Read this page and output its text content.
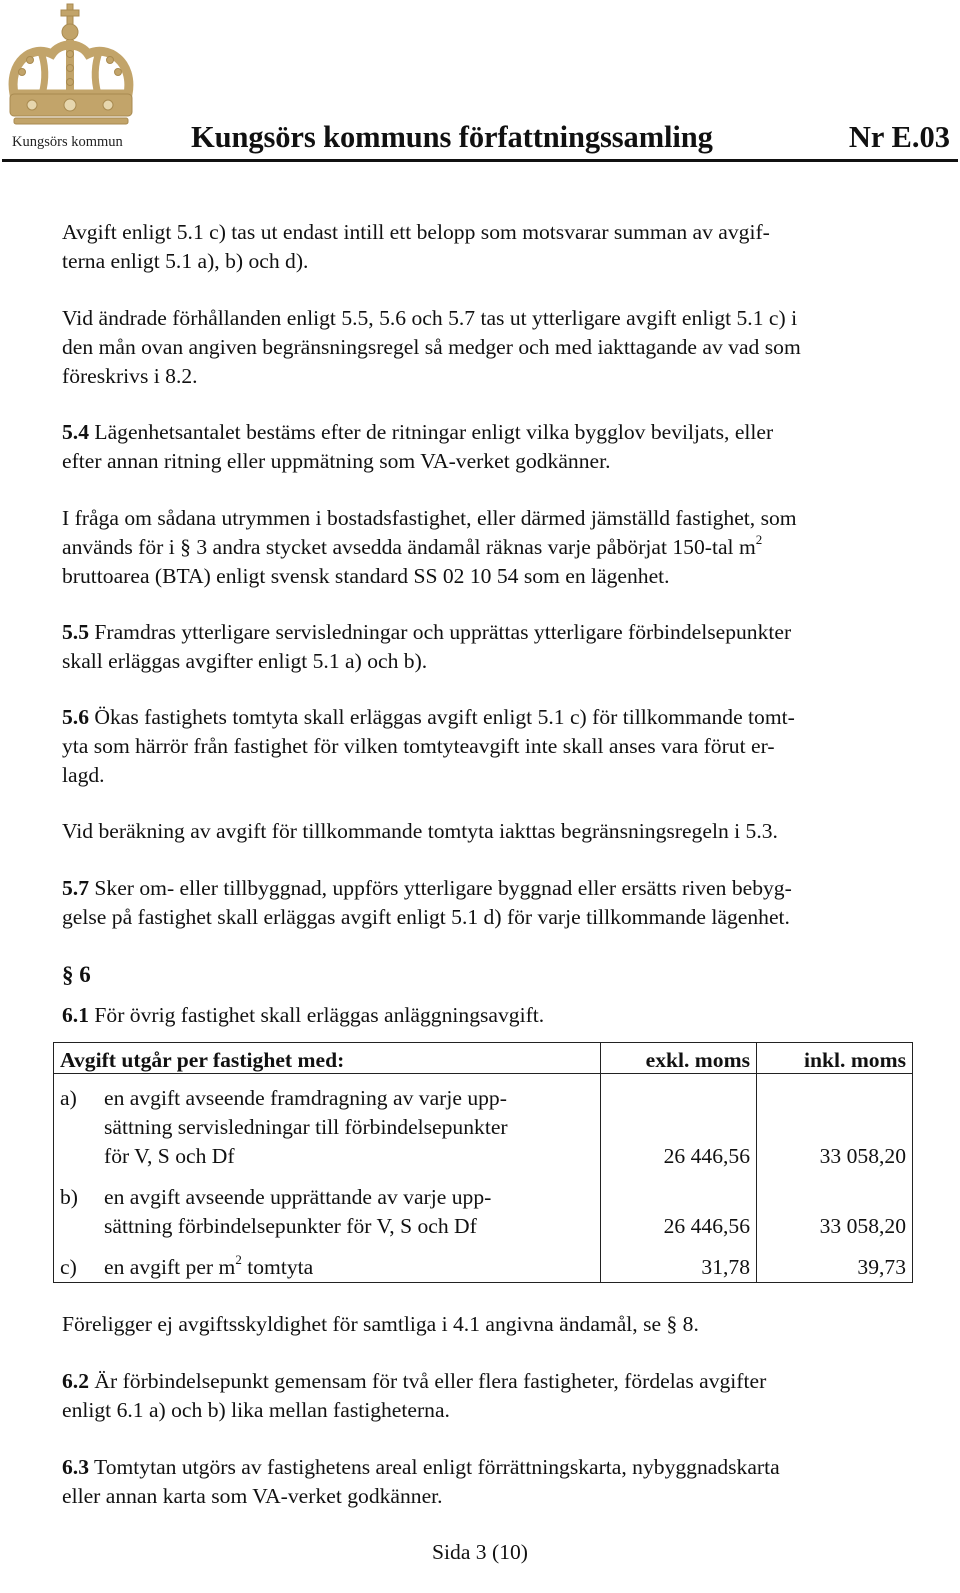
Kungsörs kommun Kungsörs kommuns författningssamling	Nr E.03
Avgift enligt 5.1 c) tas ut endast intill ett belopp som motsvarar summan av avgif-
terna enligt 5.1 a), b) och d).
Vid ändrade förhållanden enligt 5.5, 5.6 och 5.7 tas ut ytterligare avgift enligt 5.1 c) i
den mån ovan angiven begränsningsregel så medger och med iakttagande av vad som
föreskrivs i 8.2.
5.4 Lägenhetsantalet bestäms efter de ritningar enligt vilka bygglov beviljats, eller
efter annan ritning eller uppmätning som VA-verket godkänner.
I fråga om sådana utrymmen i bostadsfastighet, eller därmed jämställd fastighet, som
används för i § 3 andra stycket avsedda ändamål räknas varje påbörjat 150-tal $m^2$
bruttoarea (BTA) enligt svensk standard SS 02 10 54 som en lägenhet.
5.5 Framdras ytterligare servisledningar och upprättas ytterligare förbindelsepunkter
skall erläggas avgifter enligt 5.1 a) och b).
5.6 Ökas fastighets tomtyta skall erläggas avgift enligt 5.1 c) för tillkommande tomt-
yta som härrör från fastighet för vilken tomtyteavgift inte skall anses vara förut er-
lagd.
Vid beräkning av avgift för tillkommande tomtyta iakttas begränsningsregeln i 5.3.
5.7 Sker om- eller tillbyggnad, uppförs ytterligare byggnad eller ersätts riven bebyg-
gelse på fastighet skall erläggas avgift enligt 5.1 d) för varje tillkommande lägenhet.
§ 6
6.1 För övrig fastighet skall erläggas anläggningsavgift.
Avgift utgår per fastighet med:	exkl. moms	inkl. moms

a) en avgift avseende framdragning av varje upp-
sättning servisledningar till förbindelsepunkter
för V, S och Df	26 446,56	33 058,20

b) en avgift avseende upprättande av varje upp-
sättning förbindelsepunkter för V, S och Df	26 446,56	33 058,20

c) en avgift per $m^2$ tomtyta	31,78	39,73
Föreligger ej avgiftsskyldighet för samtliga i 4.1 angivna ändamål, se § 8.
6.2 Är förbindelsepunkt gemensam för två eller flera fastigheter, fördelas avgifter
enligt 6.1 a) och b) lika mellan fastigheterna.
6.3 Tomtytan utgörs av fastighetens areal enligt förrättningskarta, nybyggnadskarta
eller annan karta som VA-verket godkänner.
Sida 3 (10)
